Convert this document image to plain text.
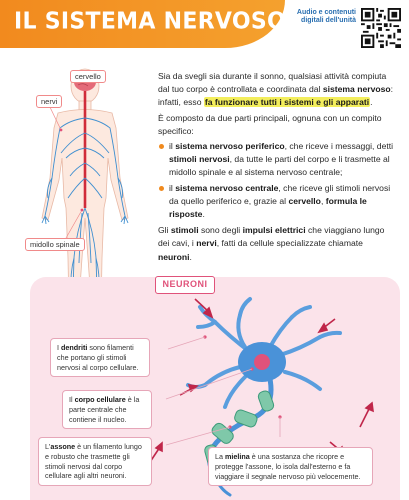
IL SISTEMA NERVOSO Audio e contenuti digitali dell'unità
cervello
nervi
midollo spinale

Sia da svegli sia durante il sonno, qualsiasi attività compiuta dal tuo corpo è controllata e coordinata dal sistema nervoso: infatti, esso fa funzionare tutti i sistemi e gli apparati.

È composto da due parti principali, ognuna con un compito specifico:

il sistema nervoso periferico, che riceve i messaggi, detti stimoli nervosi, da tutte le parti del corpo e li trasmette al midollo spinale e al sistema nervoso centrale;

il sistema nervoso centrale, che riceve gli stimoli nervosi da quello periferico e, grazie al cervello, formula le risposte.

Gli stimoli sono degli impulsi elettrici che viaggiano lungo dei cavi, i nervi, fatti da cellule specializzate chiamate neuroni.

NEURONI
I dendriti sono filamenti che portano gli stimoli nervosi al corpo cellulare.
Il corpo cellulare è la parte centrale che contiene il nucleo.
L'assone è un filamento lungo e robusto che trasmette gli stimoli nervosi dal corpo cellulare agli altri neuroni.
La mielina è una sostanza che ricopre e protegge l'assone, lo isola dall'esterno e fa viaggiare il segnale nervoso più velocemente.
